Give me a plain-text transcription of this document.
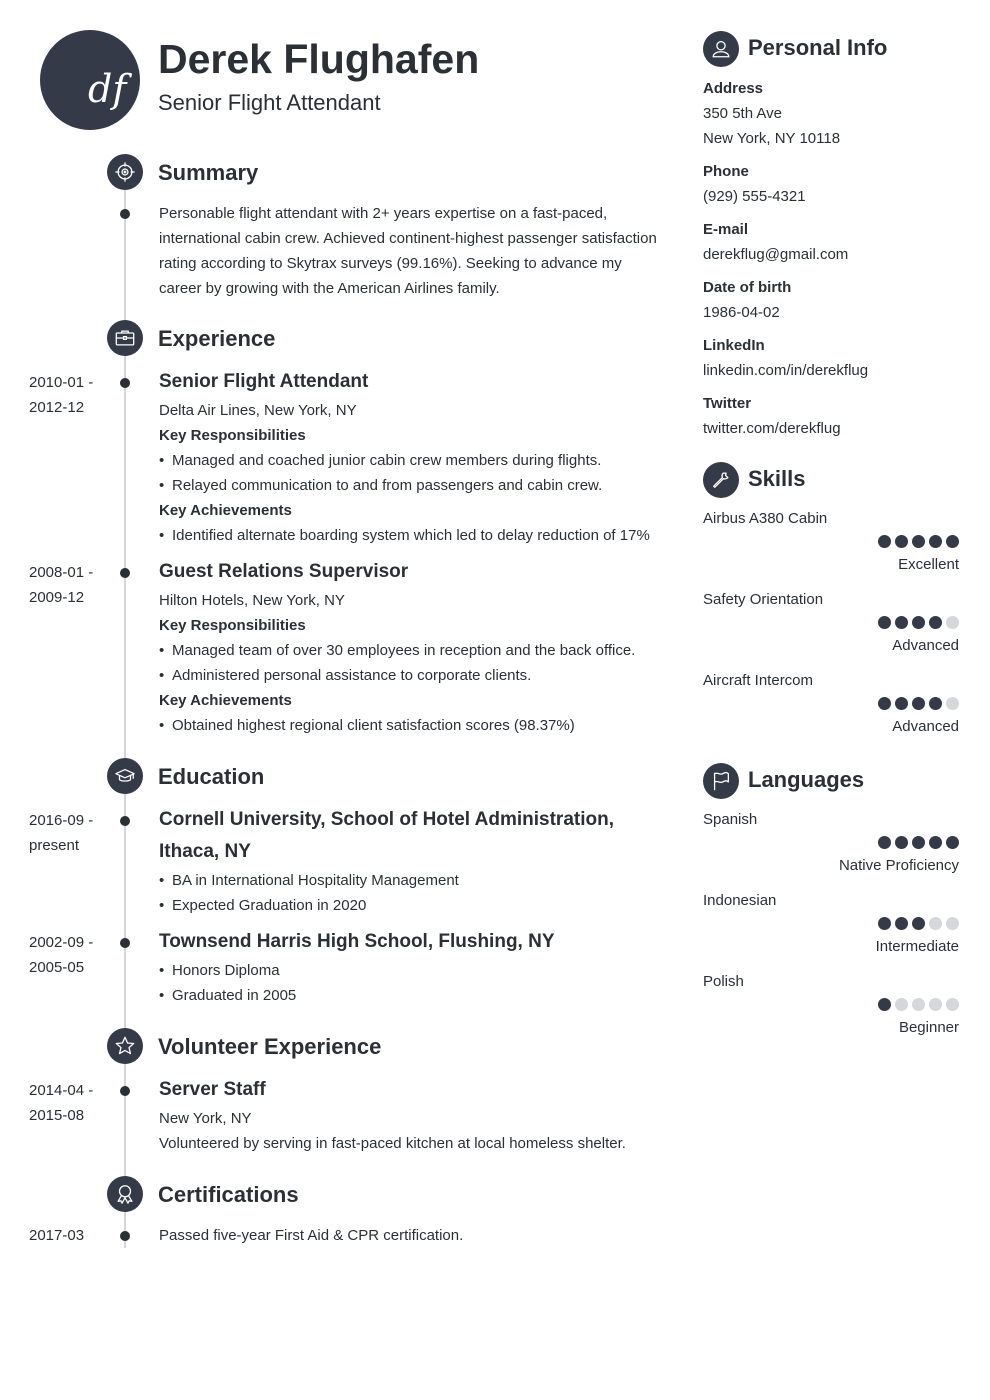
df
Derek Flughafen
Senior Flight Attendant
Summary
Personable flight attendant with 2+ years expertise on a fast-paced, international cabin crew. Achieved continent-highest passenger satisfaction rating according to Skytrax surveys (99.16%). Seeking to advance my career by growing with the American Airlines family.
Experience
2010-01 -
2012-12
Senior Flight Attendant
Delta Air Lines, New York, NY
Key Responsibilities
• Managed and coached junior cabin crew members during flights.
• Relayed communication to and from passengers and cabin crew.
Key Achievements
• Identified alternate boarding system which led to delay reduction of 17%
2008-01 -
2009-12
Guest Relations Supervisor
Hilton Hotels, New York, NY
Key Responsibilities
• Managed team of over 30 employees in reception and the back office.
• Administered personal assistance to corporate clients.
Key Achievements
• Obtained highest regional client satisfaction scores (98.37%)
Education
2016-09 -
present
Cornell University, School of Hotel Administration,
Ithaca, NY
• BA in International Hospitality Management
• Expected Graduation in 2020
2002-09 -
2005-05
Townsend Harris High School, Flushing, NY
• Honors Diploma
• Graduated in 2005
Volunteer Experience
2014-04 -
2015-08
Server Staff
New York, NY
Volunteered by serving in fast-paced kitchen at local homeless shelter.
Certifications
2017-03	Passed five-year First Aid & CPR certification.
Personal Info
Address
350 5th Ave
New York, NY 10118
Phone
(929) 555-4321
E-mail
derekflug@gmail.com
Date of birth
1986-04-02
LinkedIn
linkedin.com/in/derekflug
Twitter
twitter.com/derekflug
Skills
Airbus A380 Cabin
Excellent
Safety Orientation
Advanced
Aircraft Intercom
Advanced
Languages
Spanish
Native Proficiency
Indonesian
Intermediate
Polish
Beginner
